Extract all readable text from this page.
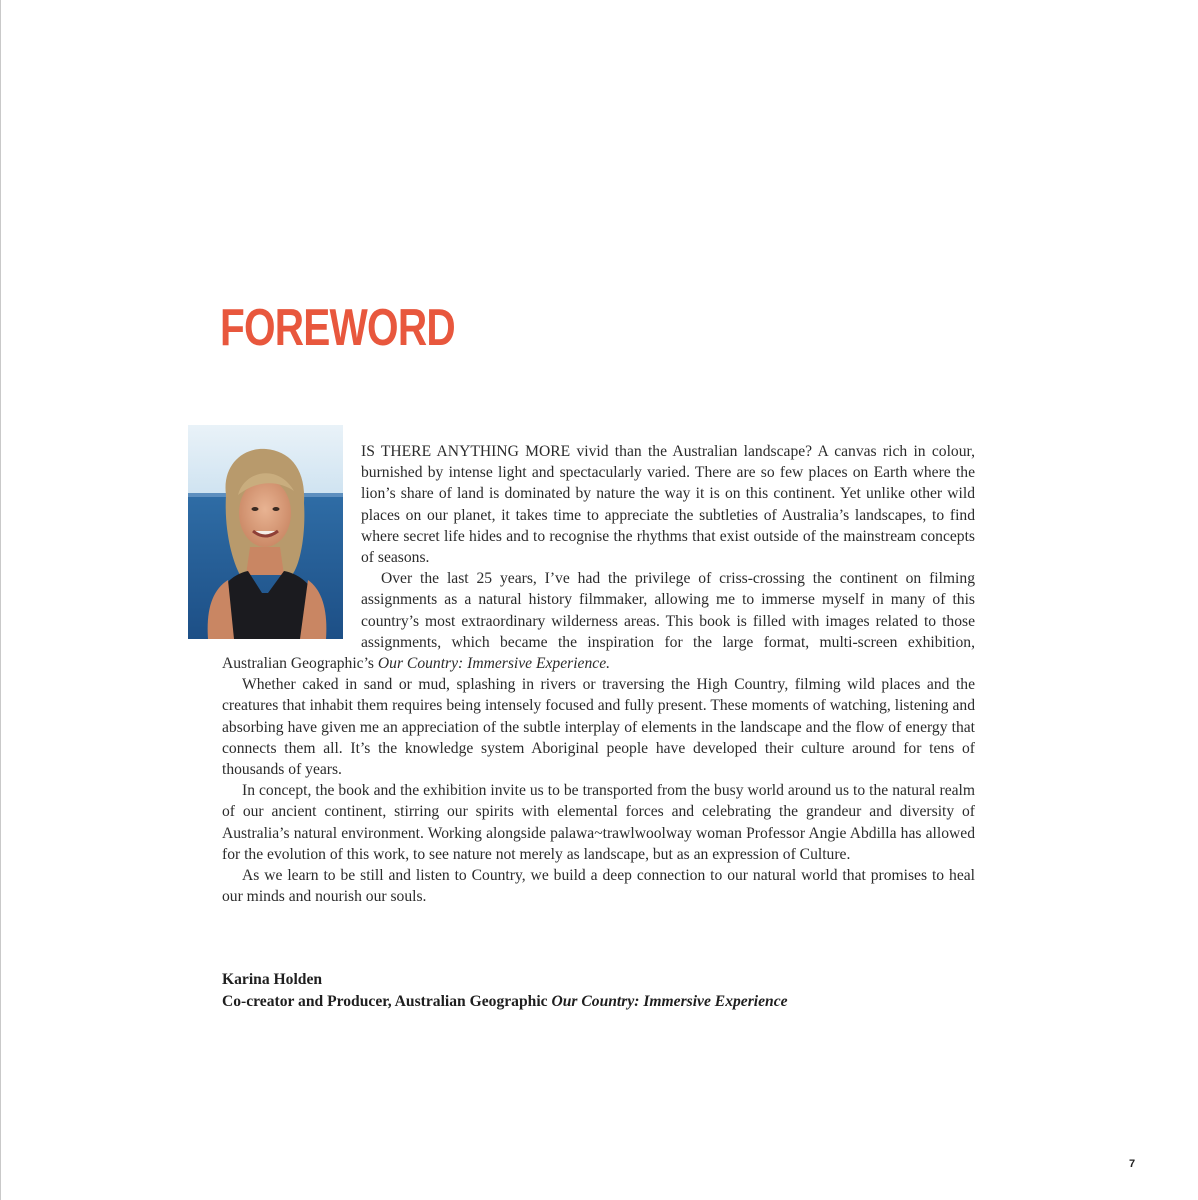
FOREWORD

IS THERE ANYTHING MORE vivid than the Australian landscape? A canvas rich in colour, burnished by intense light and spectacularly varied. There are so few places on Earth where the lion’s share of land is dominated by nature the way it is on this continent. Yet unlike other wild places on our planet, it takes time to appreciate the subtleties of Australia’s landscapes, to find where secret life hides and to recognise the rhythms that exist outside of the mainstream concepts of seasons.

Over the last 25 years, I’ve had the privilege of criss-crossing the continent on filming assignments as a natural history filmmaker, allowing me to immerse myself in many of this country’s most extraordinary wilderness areas. This book is filled with images related to those assignments, which became the inspiration for the large format, multi-screen exhibition, Australian Geographic’s Our Country: Immersive Experience.

Whether caked in sand or mud, splashing in rivers or traversing the High Country, filming wild places and the creatures that inhabit them requires being intensely focused and fully present. These moments of watching, listening and absorbing have given me an appreciation of the subtle interplay of elements in the landscape and the flow of energy that connects them all. It’s the knowledge system Aboriginal people have developed their culture around for tens of thousands of years.

In concept, the book and the exhibition invite us to be transported from the busy world around us to the natural realm of our ancient continent, stirring our spirits with elemental forces and celebrating the grandeur and diversity of Australia’s natural environment. Working alongside palawa~trawlwoolway woman Professor Angie Abdilla has allowed for the evolution of this work, to see nature not merely as landscape, but as an expression of Culture.

As we learn to be still and listen to Country, we build a deep connection to our natural world that promises to heal our minds and nourish our souls.

Karina Holden
Co-creator and Producer, Australian Geographic Our Country: Immersive Experience
7
